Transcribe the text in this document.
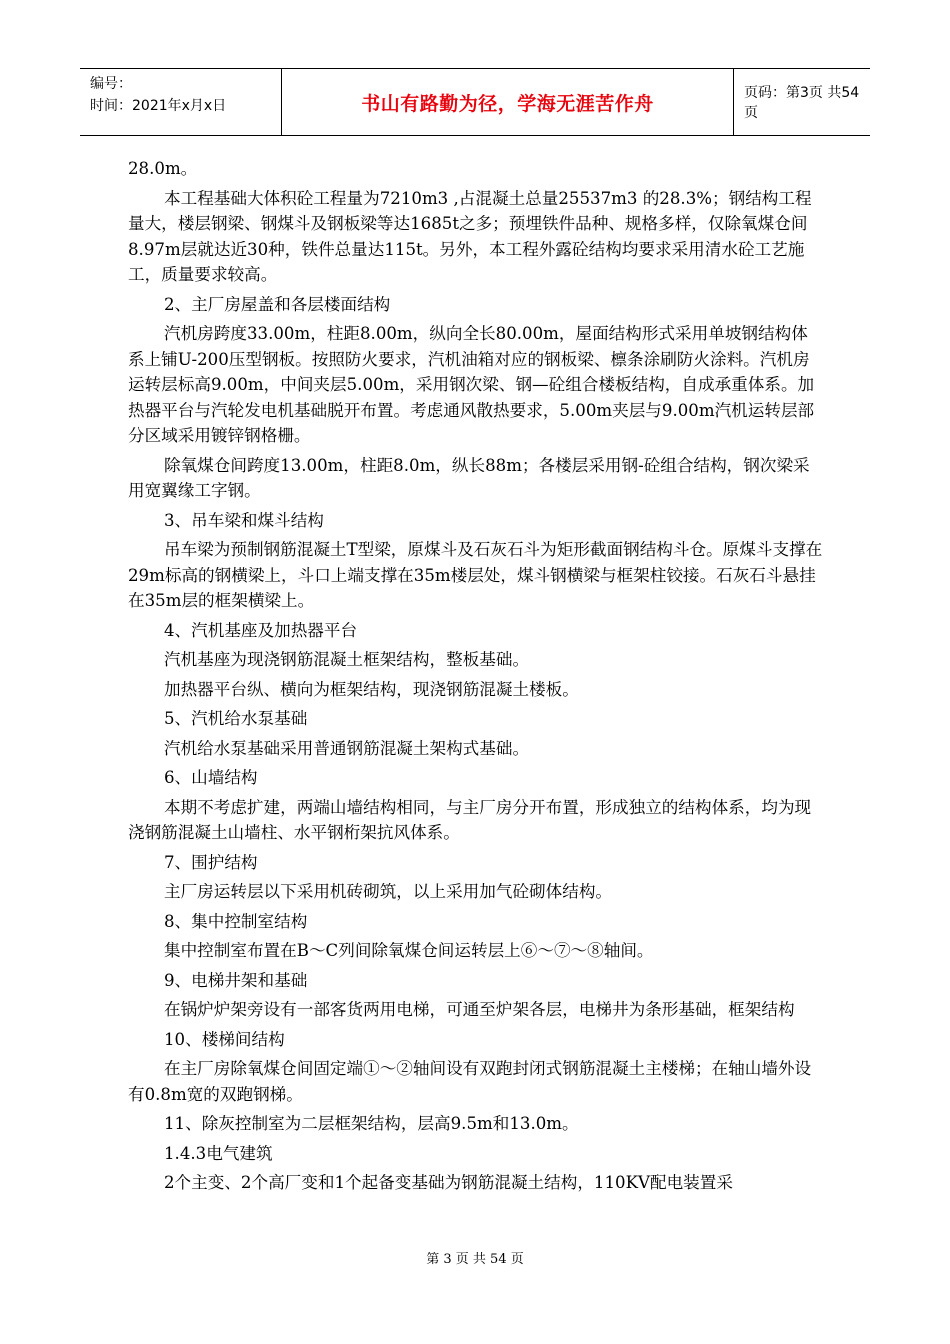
编号：
时间：2021年x月x日	书山有路勤为径，学海无涯苦作舟	页码：第3页 共54页

28.0m。

本工程基础大体积砼工程量为7210m3 ,占混凝土总量25537m3 的28.3%；钢结构工程量大，楼层钢梁、钢煤斗及钢板梁等达1685t之多；预埋铁件品种、规格多样，仅除氧煤仓间8.97m层就达近30种，铁件总量达115t。另外，本工程外露砼结构均要求采用清水砼工艺施工，质量要求较高。

2、主厂房屋盖和各层楼面结构

汽机房跨度33.00m，柱距8.00m，纵向全长80.00m，屋面结构形式采用单坡钢结构体系上铺U-200压型钢板。按照防火要求，汽机油箱对应的钢板梁、檩条涂刷防火涂料。汽机房运转层标高9.00m，中间夹层5.00m，采用钢次梁、钢—砼组合楼板结构，自成承重体系。加热器平台与汽轮发电机基础脱开布置。考虑通风散热要求，5.00m夹层与9.00m汽机运转层部分区域采用镀锌钢格栅。

除氧煤仓间跨度13.00m，柱距8.0m，纵长88m；各楼层采用钢-砼组合结构，钢次梁采用宽翼缘工字钢。

3、吊车梁和煤斗结构

吊车梁为预制钢筋混凝土T型梁，原煤斗及石灰石斗为矩形截面钢结构斗仓。原煤斗支撑在29m标高的钢横梁上，斗口上端支撑在35m楼层处，煤斗钢横梁与框架柱铰接。石灰石斗悬挂在35m层的框架横梁上。

4、汽机基座及加热器平台

汽机基座为现浇钢筋混凝土框架结构，整板基础。

加热器平台纵、横向为框架结构，现浇钢筋混凝土楼板。

5、汽机给水泵基础

汽机给水泵基础采用普通钢筋混凝土架构式基础。

6、山墙结构

本期不考虑扩建，两端山墙结构相同，与主厂房分开布置，形成独立的结构体系，均为现浇钢筋混凝土山墙柱、水平钢桁架抗风体系。

7、围护结构

主厂房运转层以下采用机砖砌筑，以上采用加气砼砌体结构。

8、集中控制室结构

集中控制室布置在B～C列间除氧煤仓间运转层上⑥～⑦～⑧轴间。

9、电梯井架和基础

在锅炉炉架旁设有一部客货两用电梯，可通至炉架各层，电梯井为条形基础，框架结构

10、楼梯间结构

在主厂房除氧煤仓间固定端①～②轴间设有双跑封闭式钢筋混凝土主楼梯；在轴山墙外设有0.8m宽的双跑钢梯。

11、除灰控制室为二层框架结构，层高9.5m和13.0m。

1.4.3电气建筑

2个主变、2个高厂变和1个起备变基础为钢筋混凝土结构，110KV配电装置采

第 3 页 共 54 页
